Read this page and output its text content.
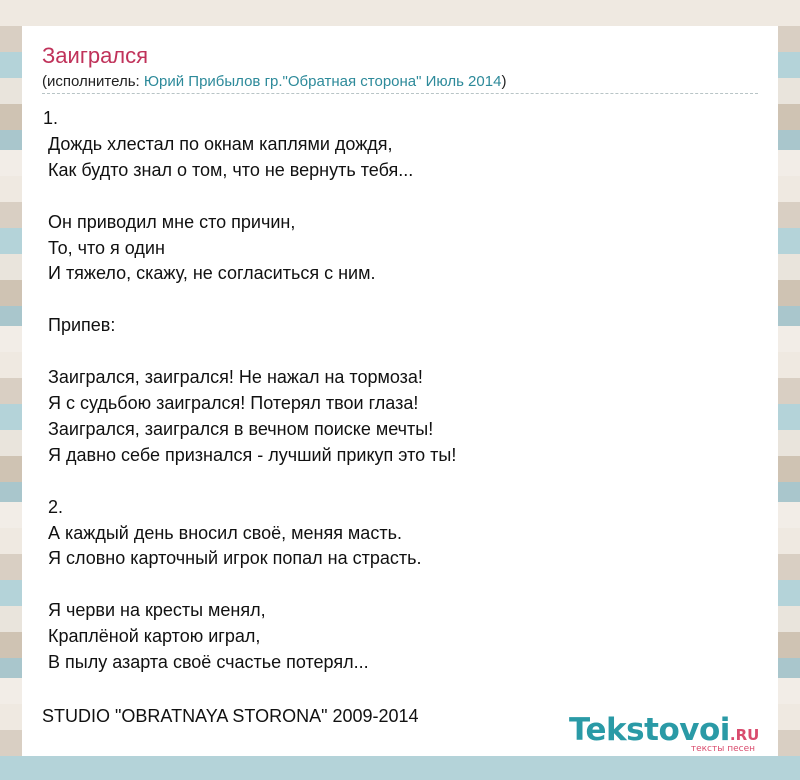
Заигрался
(исполнитель: Юрий Прибылов гр."Обратная сторона" Июль 2014)
1.
Дождь хлестал по окнам каплями дождя,
Как будто знал о том, что не вернуть тебя...

Он приводил мне сто причин,
То, что я один
И тяжело, скажу, не согласиться с ним.

Припев:

Заигрался, заигрался! Не нажал на тормоза!
Я с судьбою заигрался! Потерял твои глаза!
Заигрался, заигрался в вечном поиске мечты!
Я давно себе признался - лучший прикуп это ты!

2.
А каждый день вносил своё, меняя масть.
Я словно карточный игрок попал на страсть.

Я черви на кресты менял,
Краплёной картою играл,
В пылу азарта своё счастье потерял...
STUDIO "OBRATNAYA STORONA" 2009-2014	Tekstovoi.RU
тексты песен
